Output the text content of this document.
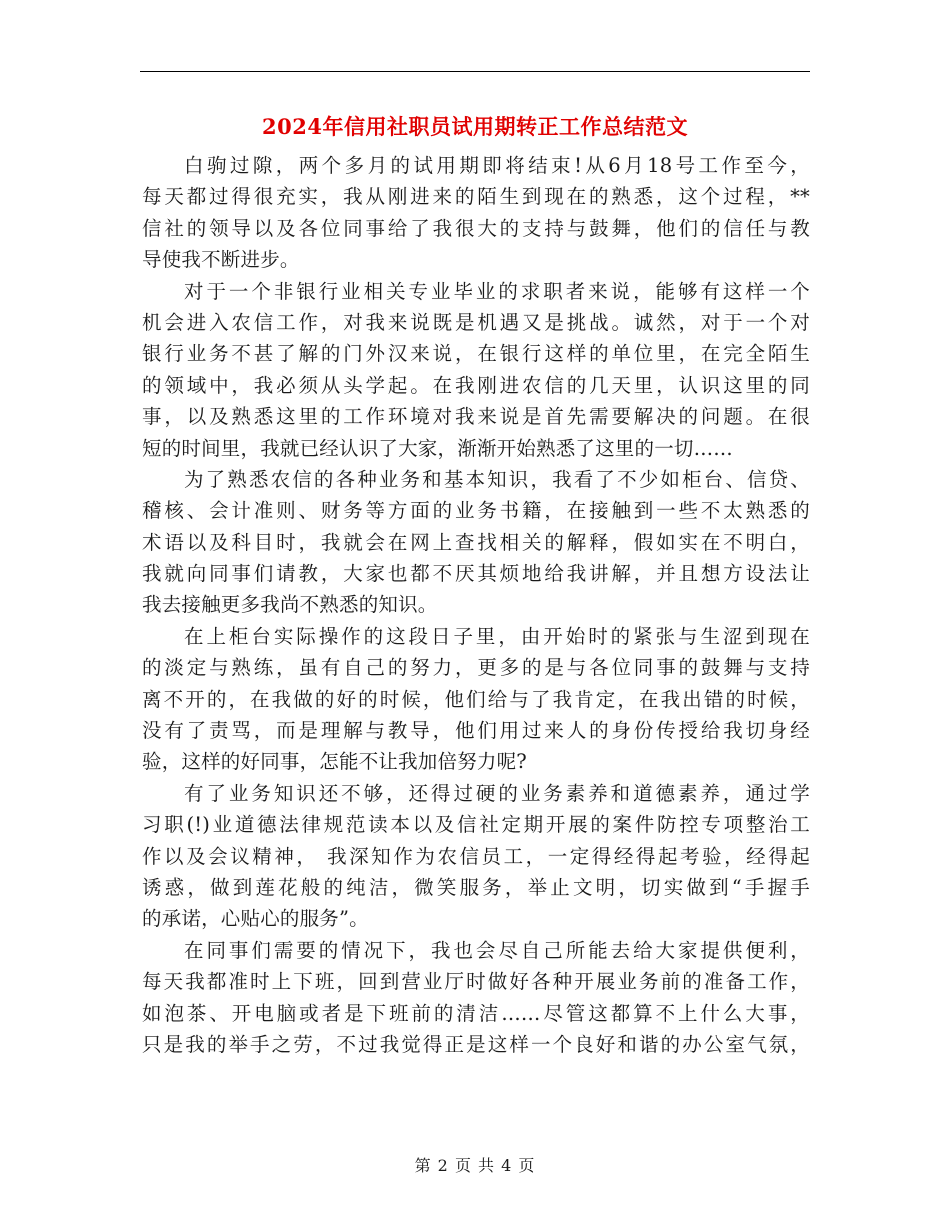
2024年信用社职员试用期转正工作总结范文
白驹过隙，两个多月的试用期即将结束!从6月18号工作至今，
每天都过得很充实，我从刚进来的陌生到现在的熟悉，这个过程，**
信社的领导以及各位同事给了我很大的支持与鼓舞，他们的信任与教
导使我不断进步。
对于一个非银行业相关专业毕业的求职者来说，能够有这样一个
机会进入农信工作，对我来说既是机遇又是挑战。诚然，对于一个对
银行业务不甚了解的门外汉来说，在银行这样的单位里，在完全陌生
的领域中，我必须从头学起。在我刚进农信的几天里，认识这里的同
事，以及熟悉这里的工作环境对我来说是首先需要解决的问题。在很
短的时间里，我就已经认识了大家，渐渐开始熟悉了这里的一切……
为了熟悉农信的各种业务和基本知识，我看了不少如柜台、信贷、
稽核、会计准则、财务等方面的业务书籍，在接触到一些不太熟悉的
术语以及科目时，我就会在网上查找相关的解释，假如实在不明白，
我就向同事们请教，大家也都不厌其烦地给我讲解，并且想方设法让
我去接触更多我尚不熟悉的知识。
在上柜台实际操作的这段日子里，由开始时的紧张与生涩到现在
的淡定与熟练，虽有自己的努力，更多的是与各位同事的鼓舞与支持
离不开的，在我做的好的时候，他们给与了我肯定，在我出错的时候，
没有了责骂，而是理解与教导，他们用过来人的身份传授给我切身经
验，这样的好同事，怎能不让我加倍努力呢?
有了业务知识还不够，还得过硬的业务素养和道德素养，通过学
习职(!)业道德法律规范读本以及信社定期开展的案件防控专项整治工
作以及会议精神， 我深知作为农信员工，一定得经得起考验，经得起
诱惑，做到莲花般的纯洁，微笑服务，举止文明，切实做到“手握手
的承诺，心贴心的服务”。
在同事们需要的情况下，我也会尽自己所能去给大家提供便利，
每天我都准时上下班，回到营业厅时做好各种开展业务前的准备工作，
如泡茶、开电脑或者是下班前的清洁……尽管这都算不上什么大事，
只是我的举手之劳，不过我觉得正是这样一个良好和谐的办公室气氛，
第 2 页 共 4 页
